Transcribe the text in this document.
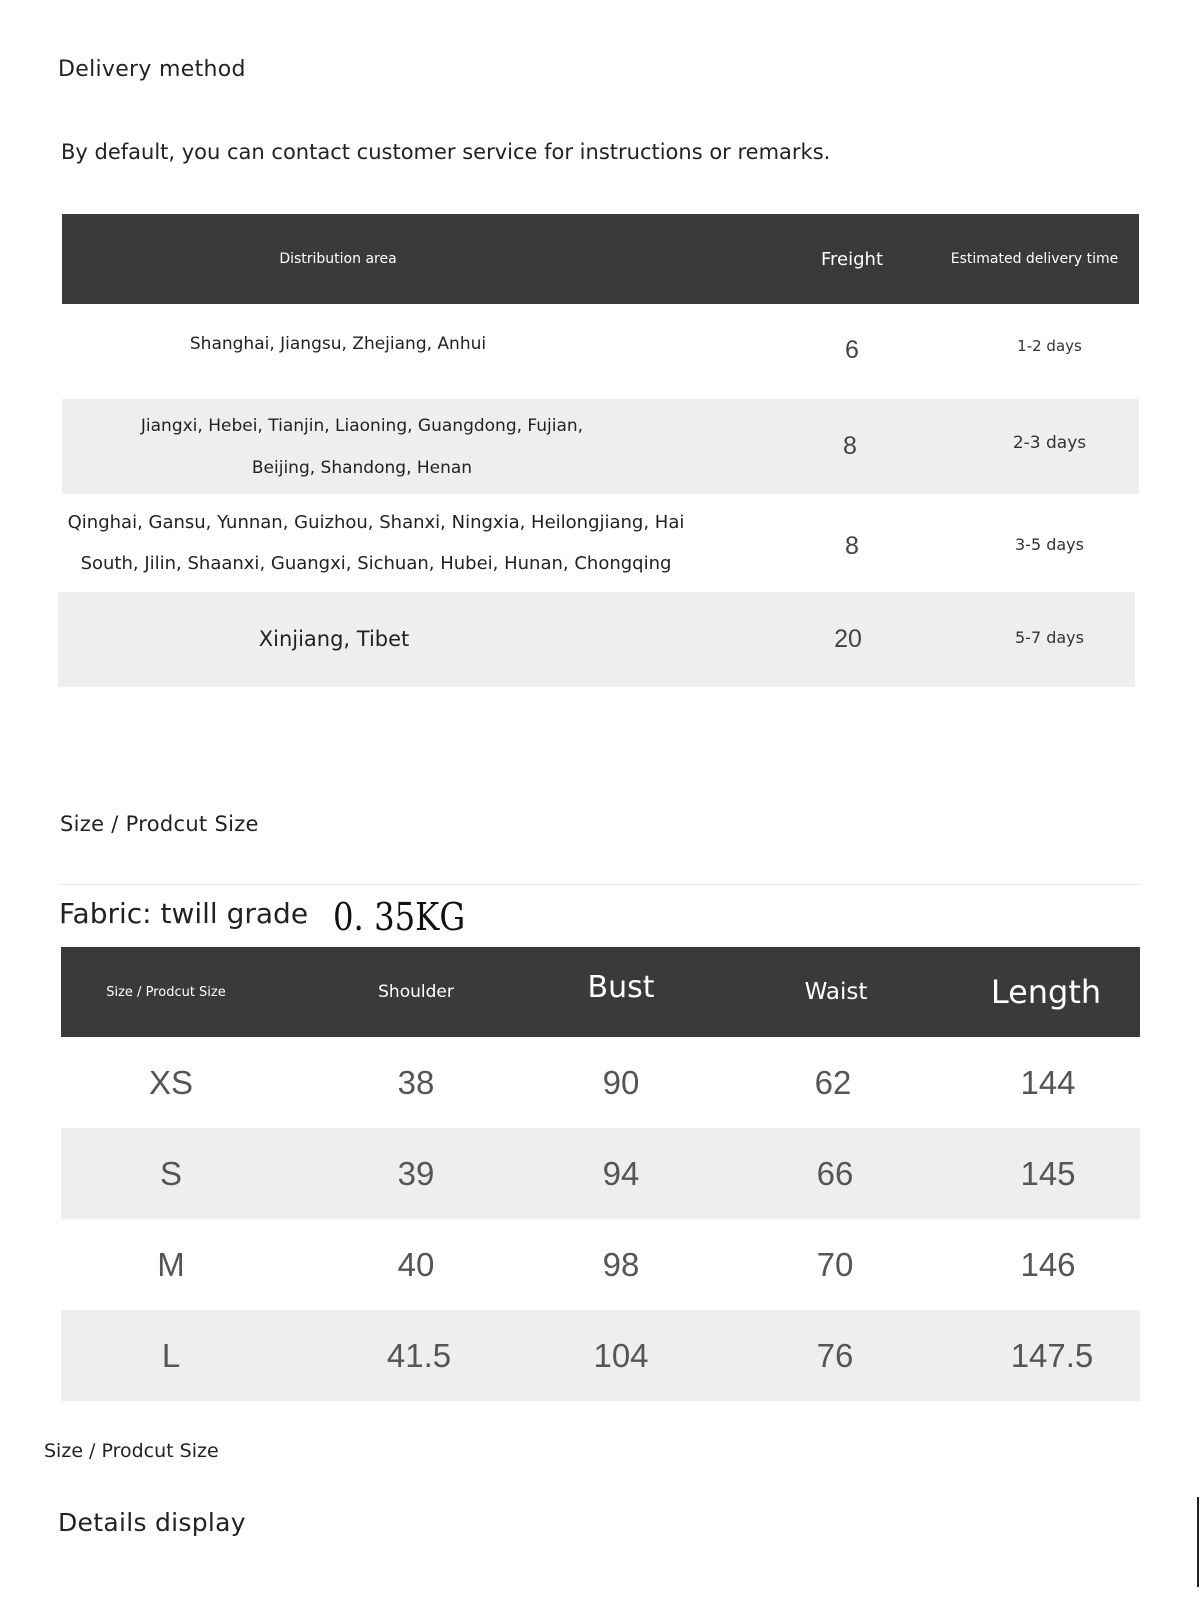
Delivery method
By default, you can contact customer service for instructions or remarks.
Distribution area	Freight	Estimated delivery time
Shanghai, Jiangsu, Zhejiang, Anhui	6	1-2 days
Jiangxi, Hebei, Tianjin, Liaoning, Guangdong, Fujian,
Beijing, Shandong, Henan
8	2-3 days
Qinghai, Gansu, Yunnan, Guizhou, Shanxi, Ningxia, Heilongjiang, Hai
South, Jilin, Shaanxi, Guangxi, Sichuan, Hubei, Hunan, Chongqing
8	3-5 days
Xinjiang, Tibet	20	5-7 days
Size / Prodcut Size
Fabric: twill grade 0. 35KG
Size / Prodcut Size	Shoulder	Bust	Waist	Length
XS	38	90	62	144
S	39	94	66	145
M	40	98	70	146
L	41.5	104	76	147.5
Size / Prodcut Size
Details display
